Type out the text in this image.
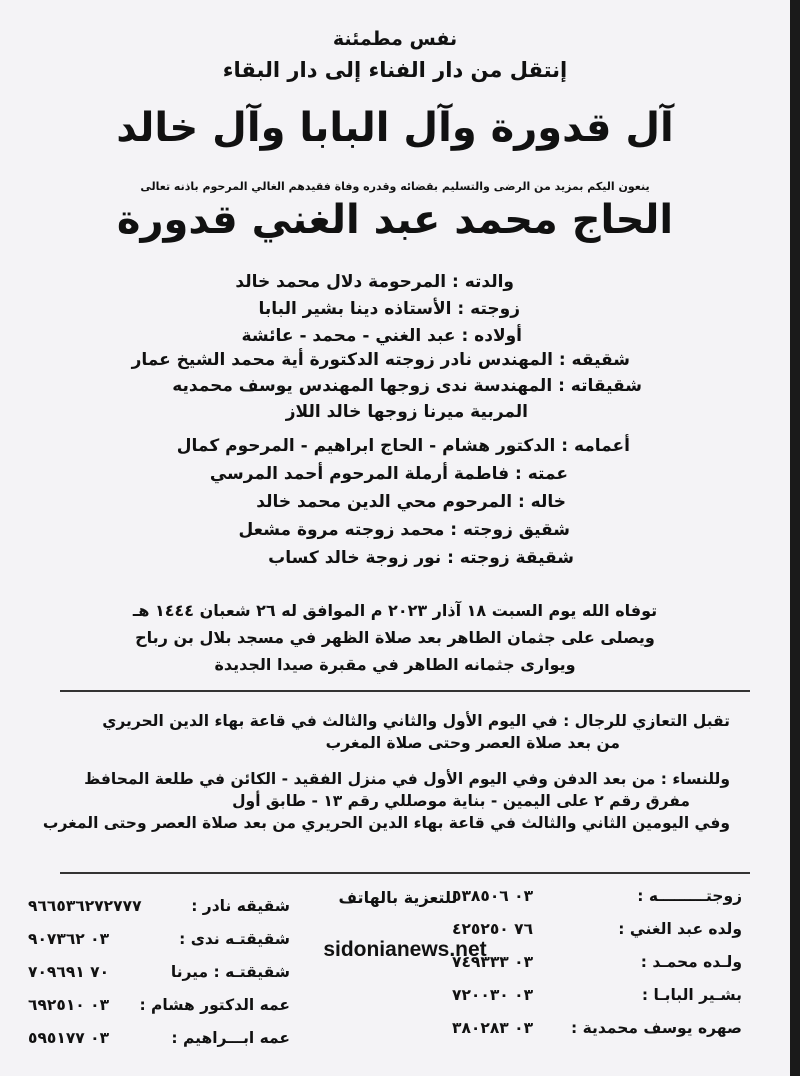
نفس مطمئنة
إنتقل من دار الفناء إلى دار البقاء
آل قدورة وآل البابا وآل خالد
ينعون اليكم بمزيد من الرضى والتسليم بقضائه وقدره وفاة فقيدهم الغالي المرحوم باذنه تعالى
الحاج محمد عبد الغني قدورة
والدته : المرحومة دلال محمد خالد
زوجته : الأستاذه دينا بشير البابا
أولاده : عبد الغني - محمد - عائشة
شقيقه : المهندس نادر زوجته الدكتورة أية محمد الشيخ عمار
شقيقاته : المهندسة ندى زوجها المهندس يوسف محمديه
المربية ميرنا زوجها خالد اللاز
أعمامه : الدكتور هشام - الحاج ابراهيم - المرحوم كمال
عمته : فاطمة أرملة المرحوم أحمد المرسي
خاله : المرحوم محي الدين محمد خالد
شقيق زوجته : محمد زوجته مروة مشعل
شقيقة زوجته : نور زوجة خالد كساب
توفاه الله يوم السبت ١٨ آذار ٢٠٢٣ م الموافق له ٢٦ شعبان ١٤٤٤ هـ
ويصلى على جثمان الطاهر بعد صلاة الظهر في مسجد بلال بن رباح
ويوارى جثمانه الطاهر في مقبرة صيدا الجديدة
تقبل التعازي للرجال : في اليوم الأول والثاني والثالث في قاعة بهاء الدين الحريري
من بعد صلاة العصر وحتى صلاة المغرب
وللنساء : من بعد الدفن وفي اليوم الأول في منزل الفقيد - الكائن في طلعة المحافظ
مفرق رقم ٢ على اليمين - بناية موصللي رقم ١٣ - طابق أول
وفي اليومين الثاني والثالث في قاعة بهاء الدين الحريري من بعد صلاة العصر وحتى المغرب
للتعزية بالهاتف
sidonianews.net
زوجتـــــــــه :
٠٣ ٥٣٨٥٠٦
ولده عبد الغني :
٧٦ ٤٢٥٢٥٠
ولـده محمـد :
٠٣ ٧٤٩٣٣٣
بشـير البابـا :
٠٣ ٧٢٠٠٣٠
صهره يوسف محمدية :
٠٣ ٣٨٠٢٨٣
شقيقه نادر :
٩٦٦٥٣٦٢٧٢٧٧٧
شقيقتـه ندى :
٠٣ ٩٠٧٣٦٢
شقيقتـه : ميرنا
٧٠ ٧٠٩٦٩١
عمه الدكتور هشام :
٠٣ ٦٩٢٥١٠
عمه ابـــراهيم :
٠٣ ٥٩٥١٧٧
